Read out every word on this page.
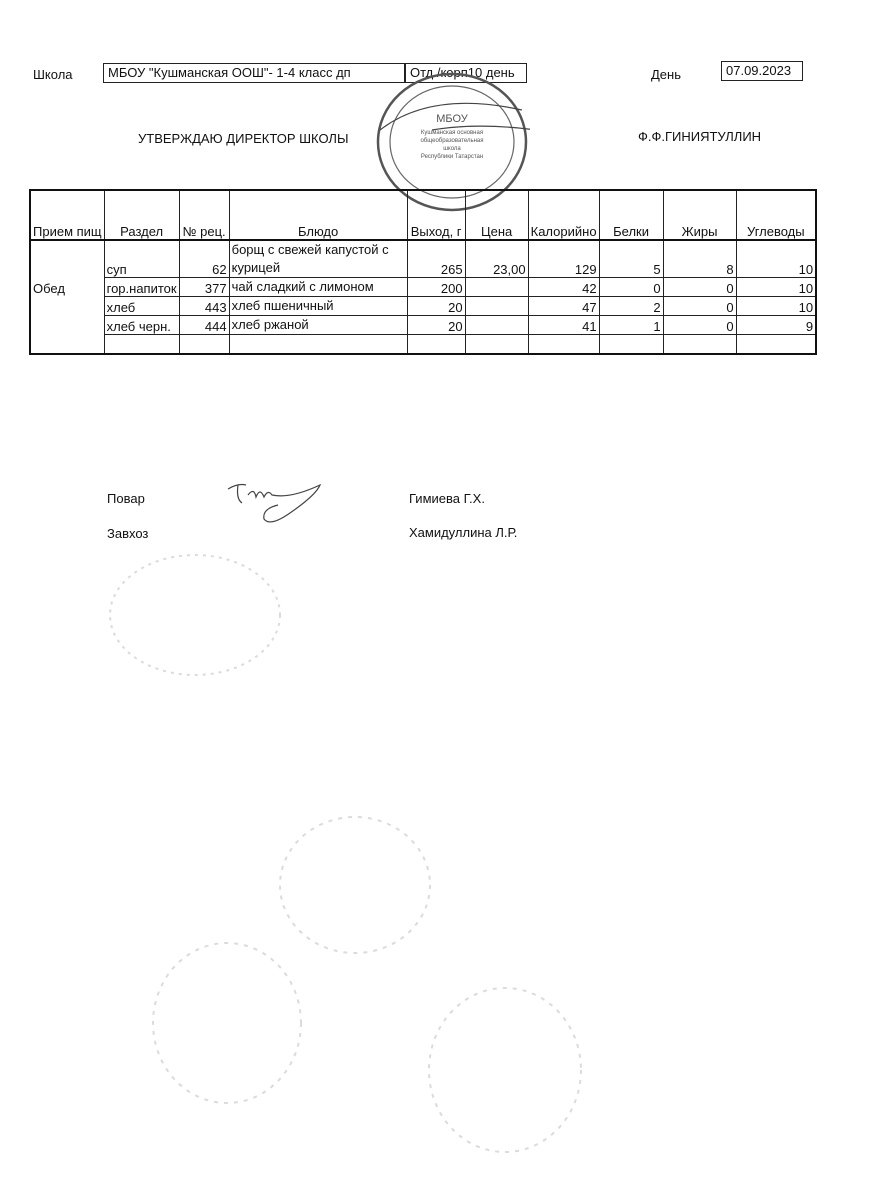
Школа	МБОУ "Кушманская ООШ"- 1-4 класс дп	Отд./корп10 день	День	07.09.2023
УТВЕРЖДАЮ ДИРЕКТОР ШКОЛЫ	Ф.Ф.ГИНИЯТУЛЛИН
МБОУ
Кушманская основная
общеобразовательная
школа
Республики Татарстан
Прием пищ	Раздел	№ рец.	Блюдо	Выход, г	Цена	Калорийно	Белки	Жиры	Углеводы
Обед	суп	62	борщ с свежей капустой с курицей	265	23,00	129	5	8	10
	гор.напиток	377	чай сладкий с лимоном	200		42	0	0	10
	хлеб	443	хлеб пшеничный	20		47	2	0	10
	хлеб черн.	444	хлеб ржаной	20		41	1	0	9

Повар	Гимиева Г.Х.
Завхоз	Хамидуллина Л.Р.
